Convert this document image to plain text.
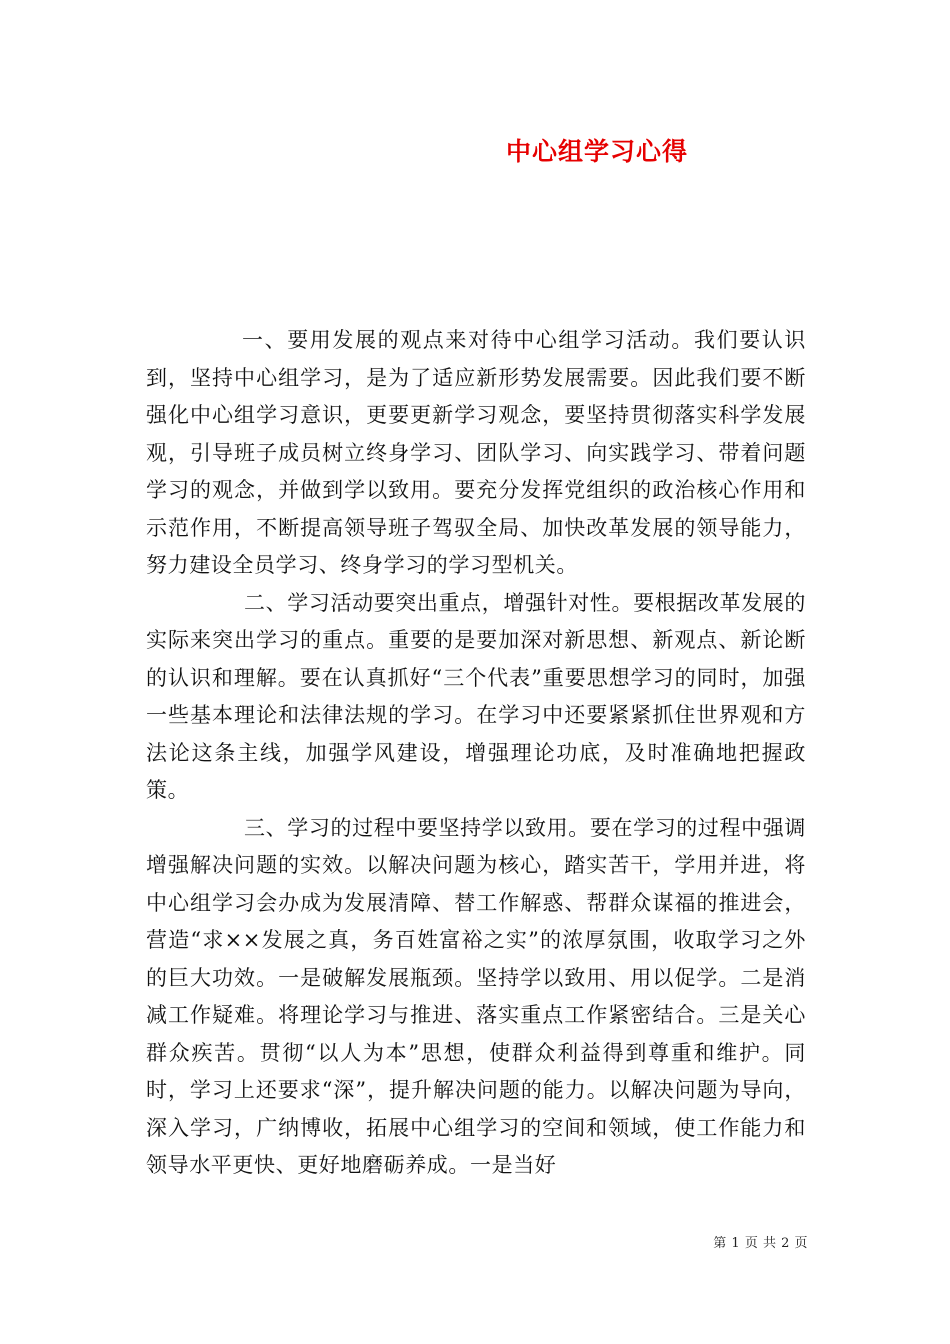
中心组学习心得

一、要用发展的观点来对待中心组学习活动。我们要认识到，坚持中心组学习，是为了适应新形势发展需要。因此我们要不断强化中心组学习意识，更要更新学习观念，要坚持贯彻落实科学发展观，引导班子成员树立终身学习、团队学习、向实践学习、带着问题学习的观念，并做到学以致用。要充分发挥党组织的政治核心作用和示范作用，不断提高领导班子驾驭全局、加快改革发展的领导能力，努力建设全员学习、终身学习的学习型机关。

二、学习活动要突出重点，增强针对性。要根据改革发展的实际来突出学习的重点。重要的是要加深对新思想、新观点、新论断的认识和理解。要在认真抓好“三个代表”重要思想学习的同时，加强一些基本理论和法律法规的学习。在学习中还要紧紧抓住世界观和方法论这条主线，加强学风建设，增强理论功底，及时准确地把握政策。

三、学习的过程中要坚持学以致用。要在学习的过程中强调增强解决问题的实效。以解决问题为核心，踏实苦干，学用并进，将中心组学习会办成为发展清障、替工作解惑、帮群众谋福的推进会，营造“求××发展之真，务百姓富裕之实”的浓厚氛围，收取学习之外的巨大功效。一是破解发展瓶颈。坚持学以致用、用以促学。二是消减工作疑难。将理论学习与推进、落实重点工作紧密结合。三是关心群众疾苦。贯彻“以人为本”思想，使群众利益得到尊重和维护。同时，学习上还要求“深”，提升解决问题的能力。以解决问题为导向，深入学习，广纳博收，拓展中心组学习的空间和领域，使工作能力和领导水平更快、更好地磨砺养成。一是当好

第 1 页 共 2 页
